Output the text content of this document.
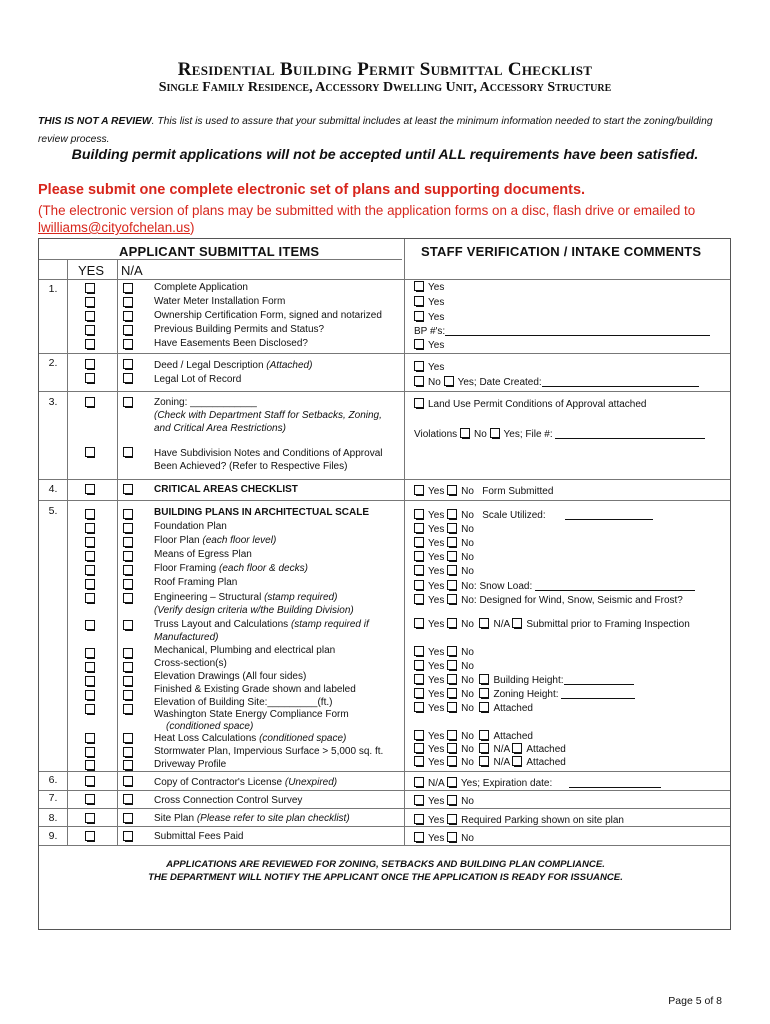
Residential Building Permit Submittal Checklist
Single Family Residence, Accessory Dwelling Unit, Accessory Structure
THIS IS NOT A REVIEW. This list is used to assure that your submittal includes at least the minimum information needed to start the zoning/building review process.
Building permit applications will not be accepted until ALL requirements have been satisfied.
Please submit one complete electronic set of plans and supporting documents.
(The electronic version of plans may be submitted with the application forms on a disc, flash drive or emailed to lwilliams@cityofchelan.us)
APPLICANT SUBMITTAL ITEMS	STAFF VERIFICATION / INTAKE COMMENTS
YES N/A
1.
2.
3.
4.
5.
6.
7.
8.
9.
Complete Application
Water Meter Installation Form
Ownership Certification Form, signed and notarized
Previous Building Permits and Status?
Have Easements Been Disclosed?
Deed / Legal Description (Attached)
Legal Lot of Record
Zoning: ____________
(Check with Department Staff for Setbacks, Zoning,
and Critical Area Restrictions)
Have Subdivision Notes and Conditions of Approval
Been Achieved? (Refer to Respective Files)
CRITICAL AREAS CHECKLIST
BUILDING PLANS IN ARCHITECTUAL SCALE
Foundation Plan
Floor Plan (each floor level)
Means of Egress Plan
Floor Framing (each floor & decks)
Roof Framing Plan
Engineering – Structural (stamp required)
(Verify design criteria w/the Building Division)
Truss Layout and Calculations (stamp required if
Manufactured)
Mechanical, Plumbing and electrical plan
Cross-section(s)
Elevation Drawings (All four sides)
Finished & Existing Grade shown and labeled
Elevation of Building Site:_________(ft.)
Washington State Energy Compliance Form
(conditioned space)
Heat Loss Calculations (conditioned space)
Stormwater Plan, Impervious Surface > 5,000 sq. ft.
Driveway Profile
Copy of Contractor's License (Unexpired)
Cross Connection Control Survey
Site Plan (Please refer to site plan checklist)
Submittal Fees Paid
Yes
Yes
Yes
BP #'s:
Yes
Yes
No Yes; Date Created:
Land Use Permit Conditions of Approval attached
Violations No Yes; File #:
Yes No Form Submitted
Yes No Scale Utilized:
Yes No
Yes No
Yes No
Yes No
Yes No: Snow Load:
Yes No: Designed for Wind, Snow, Seismic and Frost?
Yes No N/A Submittal prior to Framing Inspection
Yes No
Yes No
Yes No Building Height:
Yes No Zoning Height:
Yes No Attached
Yes No Attached
Yes No N/A Attached
Yes No N/A Attached
N/A Yes; Expiration date:
Yes No
Yes Required Parking shown on site plan
Yes No
APPLICATIONS ARE REVIEWED FOR ZONING, SETBACKS AND BUILDING PLAN COMPLIANCE.
THE DEPARTMENT WILL NOTIFY THE APPLICANT ONCE THE APPLICATION IS READY FOR ISSUANCE.
Page 5 of 8
